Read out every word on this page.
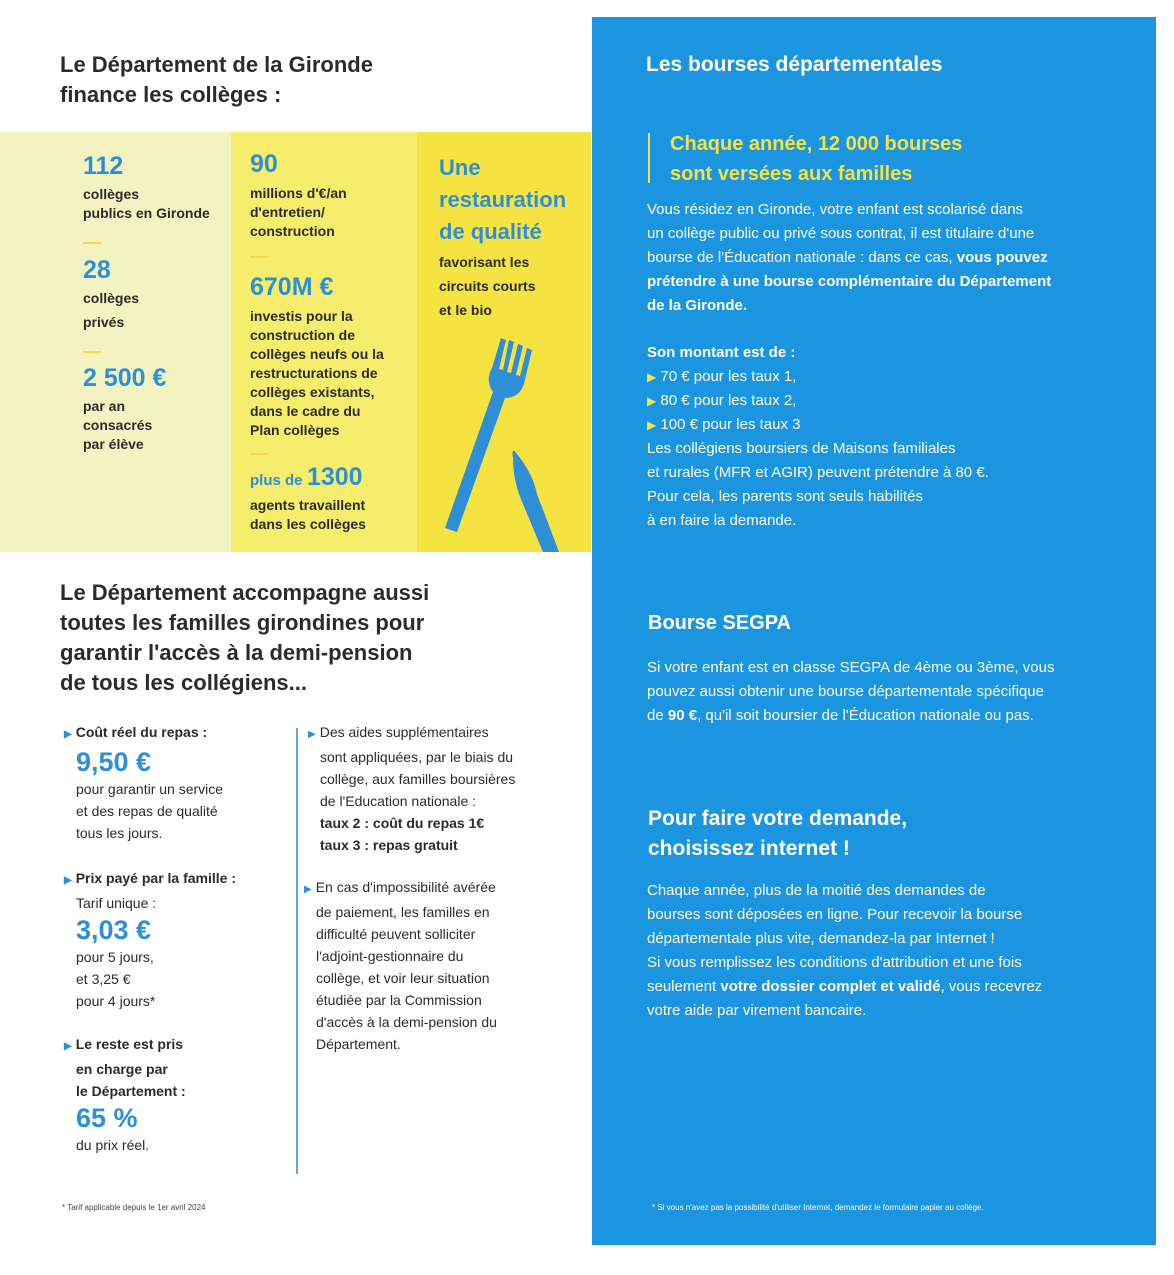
Le Département de la Gironde
finance les collèges :
112
collèges
publics en Gironde
28
collèges
privés
2 500 €
par an
consacrés
par élève
90
millions d'€/an
d'entretien/
construction
670M €
investis pour la
construction de
collèges neufs ou la
restructurations de
collèges existants,
dans le cadre du
Plan collèges
plus de 1300
agents travaillent
dans les collèges
Une
restauration
de qualité
favorisant les
circuits courts
et le bio
Le Département accompagne aussi
toutes les familles girondines pour
garantir l'accès à la demi-pension
de tous les collégiens...
▶ Coût réel du repas :
9,50 €
pour garantir un service
et des repas de qualité
tous les jours.
▶ Prix payé par la famille :
Tarif unique :
3,03 €
pour 5 jours,
et 3,25 €
pour 4 jours*
▶ Le reste est pris
en charge par
le Département :
65 %
du prix réel.
▶ Des aides supplémentaires
sont appliquées, par le biais du
collège, aux familles boursières
de l'Education nationale :
taux 2 : coût du repas 1€
taux 3 : repas gratuit
▶ En cas d'impossibilité avérée
de paiement, les familles en
difficulté peuvent solliciter
l'adjoint-gestionnaire du
collège, et voir leur situation
étudiée par la Commission
d'accès à la demi-pension du
Département.
* Tarif applicable depuis le 1er avril 2024
Les bourses départementales
Chaque année, 12 000 bourses
sont versées aux familles
Vous résidez en Gironde, votre enfant est scolarisé dans
un collège public ou privé sous contrat, il est titulaire d'une
bourse de l'Éducation nationale : dans ce cas, vous pouvez
prétendre à une bourse complémentaire du Département
de la Gironde.
Son montant est de :
▶ 70 € pour les taux 1,
▶ 80 € pour les taux 2,
▶ 100 € pour les taux 3
Les collégiens boursiers de Maisons familiales
et rurales (MFR et AGIR) peuvent prétendre à 80 €.
Pour cela, les parents sont seuls habilités
à en faire la demande.
Bourse SEGPA
Si votre enfant est en classe SEGPA de 4ème ou 3ème, vous
pouvez aussi obtenir une bourse départementale spécifique
de 90 €, qu'il soit boursier de l'Éducation nationale ou pas.
Pour faire votre demande,
choisissez internet !
Chaque année, plus de la moitié des demandes de
bourses sont déposées en ligne. Pour recevoir la bourse
départementale plus vite, demandez-la par Internet !
Si vous remplissez les conditions d'attribution et une fois
seulement votre dossier complet et validé, vous recevrez
votre aide par virement bancaire.
* Si vous n'avez pas la possibilité d'utiliser Internet, demandez le formulaire papier au collège.
